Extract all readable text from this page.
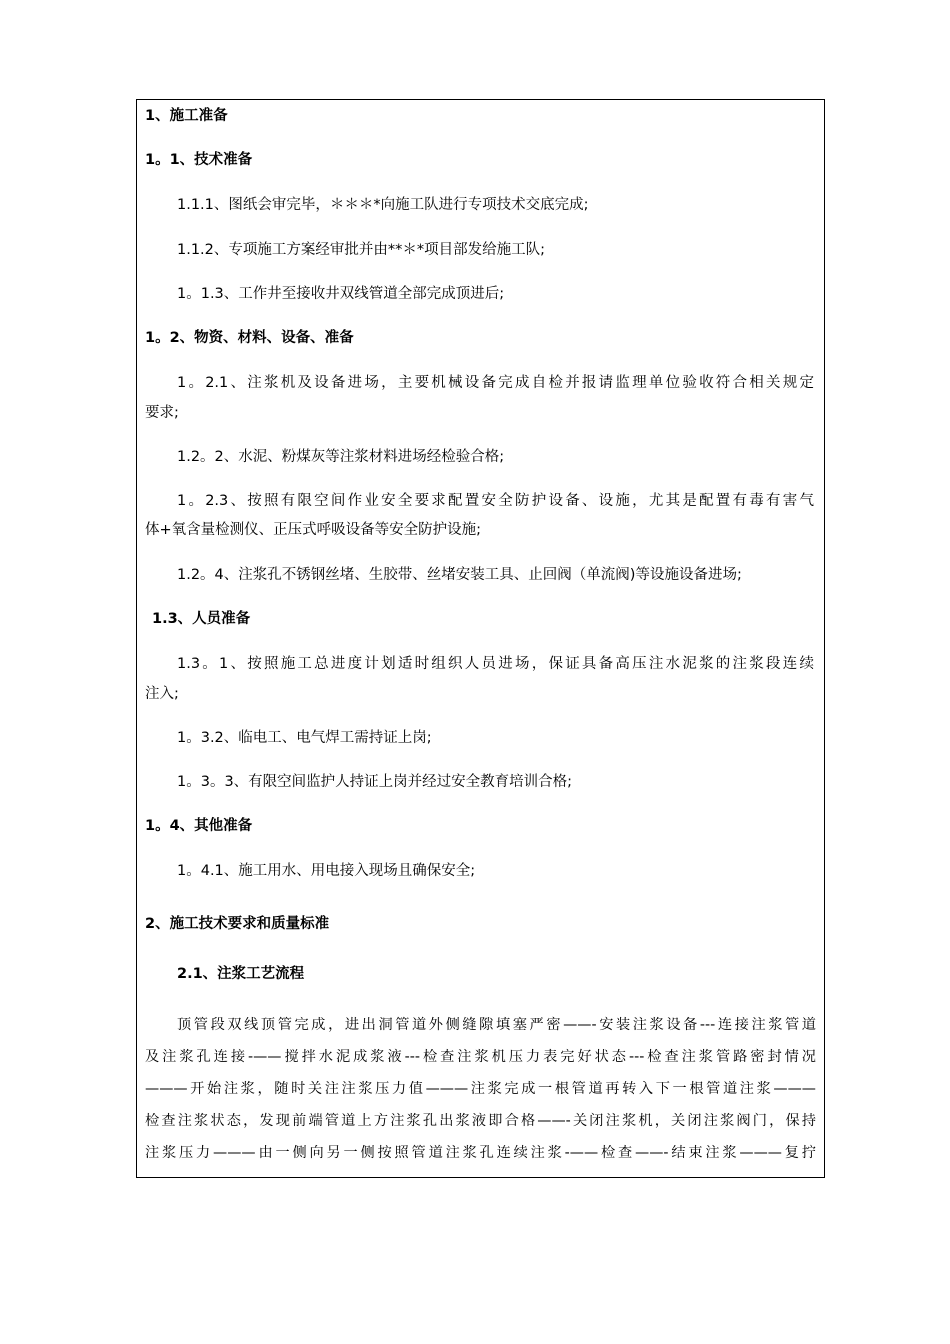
1、施工准备
1。1、技术准备
1.1.1、图纸会审完毕，＊＊＊*向施工队进行专项技术交底完成;
1.1.2、专项施工方案经审批并由**＊*项目部发给施工队;
1。1.3、工作井至接收井双线管道全部完成顶进后;
1。2、物资、材料、设备、准备
1。2.1、注浆机及设备进场，主要机械设备完成自检并报请监理单位验收符合相关规定
要求;
1.2。2、水泥、粉煤灰等注浆材料进场经检验合格;
1。2.3、按照有限空间作业安全要求配置安全防护设备、设施，尤其是配置有毒有害气
体+氧含量检测仪、正压式呼吸设备等安全防护设施;
1.2。4、注浆孔不锈钢丝堵、生胶带、丝堵安装工具、止回阀（单流阀)等设施设备进场;
1.3、人员准备
1.3。1、按照施工总进度计划适时组织人员进场，保证具备高压注水泥浆的注浆段连续
注入;
1。3.2、临电工、电气焊工需持证上岗;
1。3。3、有限空间监护人持证上岗并经过安全教育培训合格;
1。4、其他准备
1。4.1、施工用水、用电接入现场且确保安全;
2、施工技术要求和质量标准
2.1、注浆工艺流程
顶管段双线顶管完成，进出洞管道外侧缝隙填塞严密——-安装注浆设备---连接注浆管道
及注浆孔连接-——搅拌水泥成浆液---检查注浆机压力表完好状态---检查注浆管路密封情况
———开始注浆，随时关注注浆压力值———注浆完成一根管道再转入下一根管道注浆———
检查注浆状态，发现前端管道上方注浆孔出浆液即合格——-关闭注浆机，关闭注浆阀门，保持
注浆压力———由一侧向另一侧按照管道注浆孔连续注浆-——检查——-结束注浆———复拧
